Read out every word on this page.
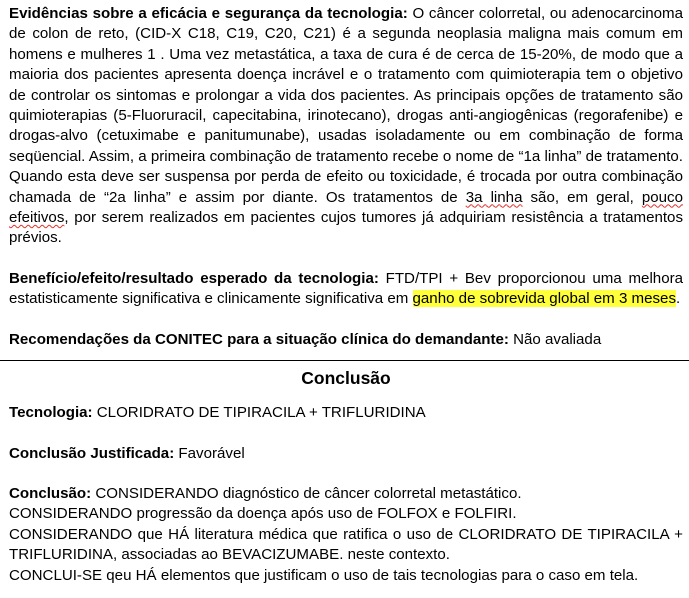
Evidências sobre a eficácia e segurança da tecnologia: O câncer colorretal, ou adenocarcinoma de colon de reto, (CID-X C18, C19, C20, C21) é a segunda neoplasia maligna mais comum em homens e mulheres 1 . Uma vez metastática, a taxa de cura é de cerca de 15-20%, de modo que a maioria dos pacientes apresenta doença incrável e o tratamento com quimioterapia tem o objetivo de controlar os sintomas e prolongar a vida dos pacientes. As principais opções de tratamento são quimioterapias (5-Fluoruracil, capecitabina, irinotecano), drogas anti-angiogênicas (regorafenibe) e drogas-alvo (cetuximabe e panitumunabe), usadas isoladamente ou em combinação de forma seqüencial. Assim, a primeira combinação de tratamento recebe o nome de “1a linha” de tratamento. Quando esta deve ser suspensa por perda de efeito ou toxicidade, é trocada por outra combinação chamada de “2a linha” e assim por diante. Os tratamentos de 3a linha são, em geral, pouco efeitivos, por serem realizados em pacientes cujos tumores já adquiriam resistência a tratamentos prévios.

Benefício/efeito/resultado esperado da tecnologia: FTD/TPI + Bev proporcionou uma melhora estatisticamente significativa e clinicamente significativa em ganho de sobrevida global em 3 meses.

Recomendações da CONITEC para a situação clínica do demandante: Não avaliada

Conclusão

Tecnologia: CLORIDRATO DE TIPIRACILA + TRIFLURIDINA

Conclusão Justificada: Favorável

Conclusão: CONSIDERANDO diagnóstico de câncer colorretal metastático.

CONSIDERANDO progressão da doença após uso de FOLFOX e FOLFIRI.

CONSIDERANDO que HÁ literatura médica que ratifica o uso de CLORIDRATO DE TIPIRACILA + TRIFLURIDINA, associadas ao BEVACIZUMABE. neste contexto.

CONCLUI-SE qeu HÁ elementos que justificam o uso de tais tecnologias para o caso em tela.
